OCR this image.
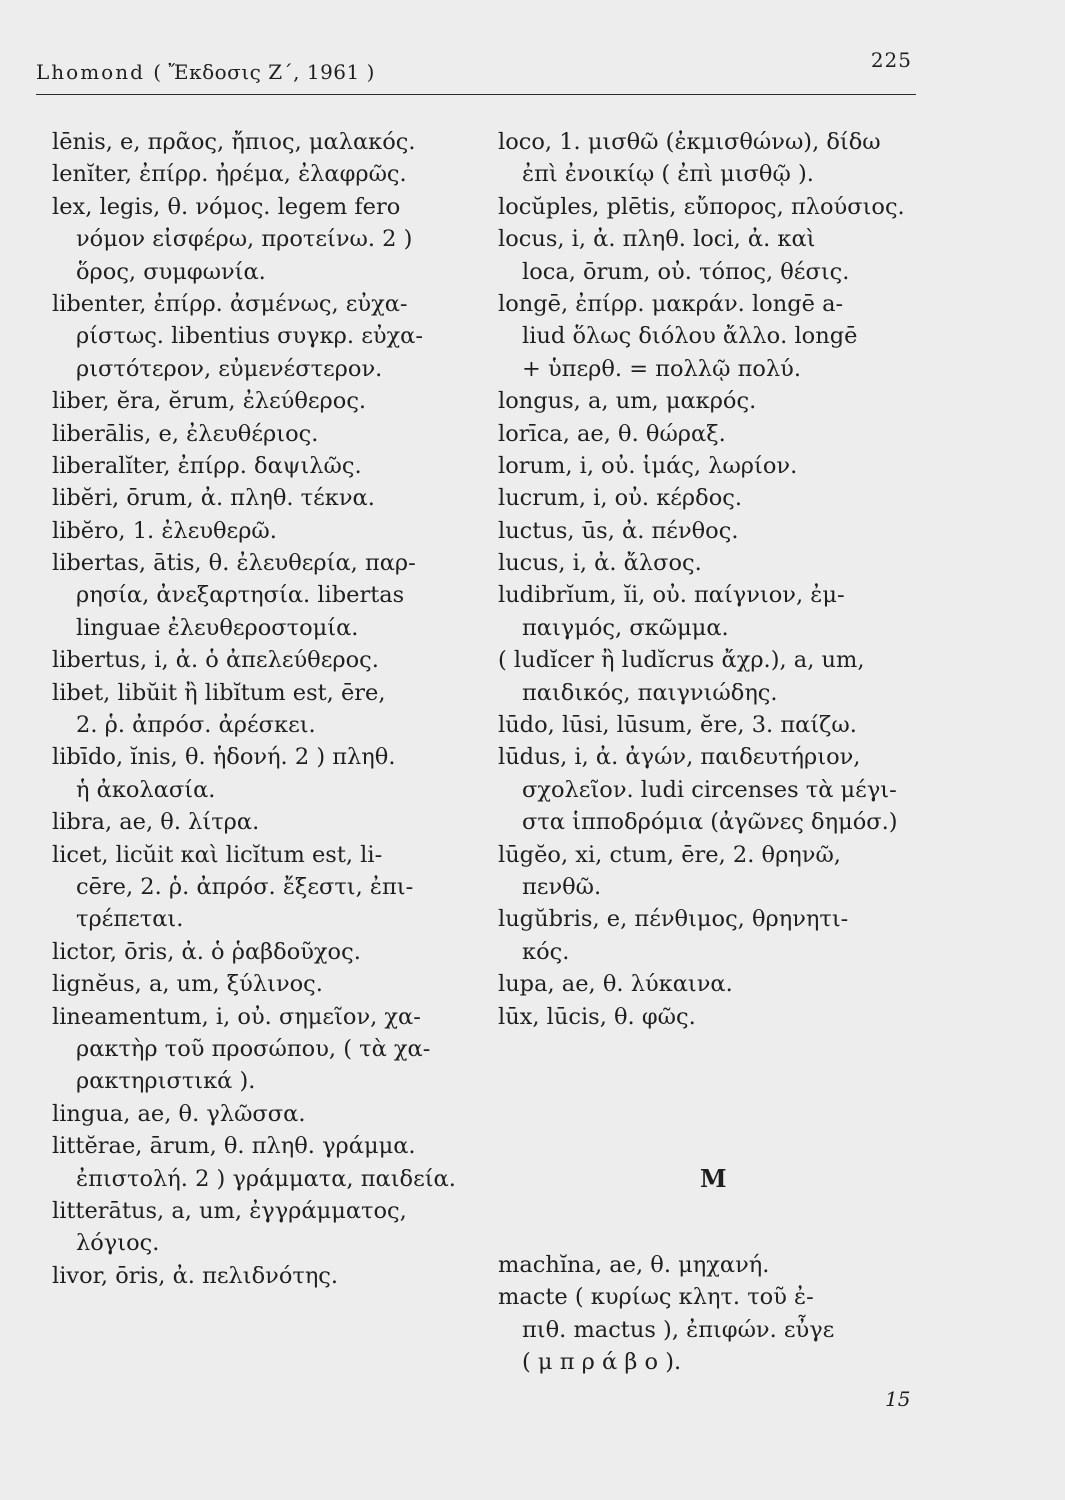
Lhomond ( Ἔκδοσις Ζ΄, 1961 )	225
lēnis, e, πρᾶος, ἤπιος, μαλακός.
lenĭter, ἐπίρρ. ἠρέμα, ἐλαφρῶς.
lex, legis, θ. νόμος. legem fero
νόμον εἰσφέρω, προτείνω. 2 )
ὅρος, συμφωνία.
libenter, ἐπίρρ. ἀσμένως, εὐχα-
ρίστως. libentius συγκρ. εὐχα-
ριστότερον, εὐμενέστερον.
liber, ĕra, ĕrum, ἐλεύθερος.
liberālis, e, ἐλευθέριος.
liberalĭter, ἐπίρρ. δαψιλῶς.
libĕri, ōrum, ἀ. πληθ. τέκνα.
libĕro, 1. ἐλευθερῶ.
libertas, ātis, θ. ἐλευθερία, παρ-
ρησία, ἀνεξαρτησία. libertas
linguae ἐλευθεροστομία.
libertus, i, ἀ. ὁ ἀπελεύθερος.
libet, libŭit ἢ libĭtum est, ēre,
2. ῥ. ἀπρόσ. ἀρέσκει.
libīdo, ĭnis, θ. ἡδονή. 2 ) πληθ.
ἡ ἀκολασία.
libra, ae, θ. λίτρα.
licet, licŭit καὶ licĭtum est, li-
cēre, 2. ῥ. ἀπρόσ. ἔξεστι, ἐπι-
τρέπεται.
lictor, ōris, ἀ. ὁ ῥαβδοῦχος.
lignĕus, a, um, ξύλινος.
lineamentum, i, οὐ. σημεῖον, χα-
ρακτὴρ τοῦ προσώπου, ( τὰ χα-
ρακτηριστικά ).
lingua, ae, θ. γλῶσσα.
littĕrae, ārum, θ. πληθ. γράμμα.
ἐπιστολή. 2 ) γράμματα, παιδεία.
litterātus, a, um, ἐγγράμματος,
λόγιος.
livor, ōris, ἀ. πελιδνότης.
loco, 1. μισθῶ (ἐκμισθώνω), δίδω
ἐπὶ ἐνοικίῳ ( ἐπὶ μισθῷ ).
locŭples, plētis, εὔπορος, πλούσιος.
locus, i, ἀ. πληθ. loci, ἀ. καὶ
loca, ōrum, οὐ. τόπος, θέσις.
longē, ἐπίρρ. μακράν. longē a-
liud ὅλως διόλου ἄλλο. longē
+ ὑπερθ. = πολλῷ πολύ.
longus, a, um, μακρός.
lorīca, ae, θ. θώραξ.
lorum, i, οὐ. ἱμάς, λωρίον.
lucrum, i, οὐ. κέρδος.
luctus, ūs, ἀ. πένθος.
lucus, i, ἀ. ἄλσος.
ludibrĭum, ĭi, οὐ. παίγνιον, ἐμ-
παιγμός, σκῶμμα.
( ludĭcer ἢ ludĭcrus ἄχρ.), a, um,
παιδικός, παιγνιώδης.
lūdo, lūsi, lūsum, ĕre, 3. παίζω.
lūdus, i, ἀ. ἀγών, παιδευτήριον,
σχολεῖον. ludi circenses τὰ μέγι-
στα ἱπποδρόμια (ἀγῶνες δημόσ.)
lūgĕo, xi, ctum, ēre, 2. θρηνῶ,
πενθῶ.
lugŭbris, e, πένθιμος, θρηνητι-
κός.
lupa, ae, θ. λύκαινα.
lūx, lūcis, θ. φῶς.
M
machĭna, ae, θ. μηχανή.
macte ( κυρίως κλητ. τοῦ ἐ-
πιθ. mactus ), ἐπιφών. εὖγε
( μ π ρ ά β ο ).
15
